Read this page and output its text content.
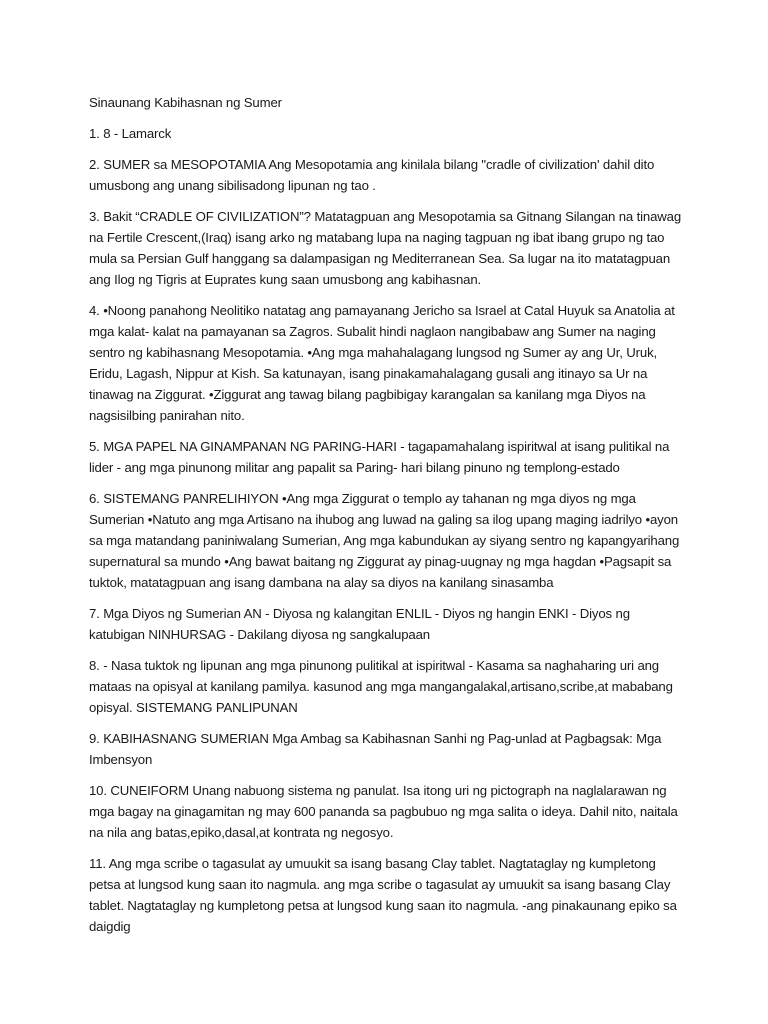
Sinaunang Kabihasnan ng Sumer
1. 8 - Lamarck
2. SUMER sa MESOPOTAMIA Ang Mesopotamia ang kinilala bilang "cradle of civilization' dahil dito umusbong ang unang sibilisadong lipunan ng tao .
3. Bakit “CRADLE OF CIVILIZATION”? Matatagpuan ang Mesopotamia sa Gitnang Silangan na tinawag na Fertile Crescent,(Iraq) isang arko ng matabang lupa na naging tagpuan ng ibat ibang grupo ng tao mula sa Persian Gulf hanggang sa dalampasigan ng Mediterranean Sea. Sa lugar na ito matatagpuan ang Ilog ng Tigris at Euprates kung saan umusbong ang kabihasnan.
4. •Noong panahong Neolitiko natatag ang pamayanang Jericho sa Israel at Catal Huyuk sa Anatolia at mga kalat- kalat na pamayanan sa Zagros. Subalit hindi naglaon nangibabaw ang Sumer na naging sentro ng kabihasnang Mesopotamia. •Ang mga mahahalagang lungsod ng Sumer ay ang Ur, Uruk, Eridu, Lagash, Nippur at Kish. Sa katunayan, isang pinakamahalagang gusali ang itinayo sa Ur na tinawag na Ziggurat. •Ziggurat ang tawag bilang pagbibigay karangalan sa kanilang mga Diyos na nagsisilbing panirahan nito.
5. MGA PAPEL NA GINAMPANAN NG PARING-HARI - tagapamahalang ispiritwal at isang pulitikal na lider - ang mga pinunong militar ang papalit sa Paring- hari bilang pinuno ng templong-estado
6. SISTEMANG PANRELIHIYON •Ang mga Ziggurat o templo ay tahanan ng mga diyos ng mga Sumerian •Natuto ang mga Artisano na ihubog ang luwad na galing sa ilog upang maging iadrilyo •ayon sa mga matandang paniniwalang Sumerian, Ang mga kabundukan ay siyang sentro ng kapangyarihang supernatural sa mundo •Ang bawat baitang ng Ziggurat ay pinag-uugnay ng mga hagdan •Pagsapit sa tuktok, matatagpuan ang isang dambana na alay sa diyos na kanilang sinasamba
7. Mga Diyos ng Sumerian AN - Diyosa ng kalangitan ENLIL - Diyos ng hangin ENKI - Diyos ng katubigan NINHURSAG - Dakilang diyosa ng sangkalupaan
8. - Nasa tuktok ng lipunan ang mga pinunong pulitikal at ispiritwal - Kasama sa naghaharing uri ang mataas na opisyal at kanilang pamilya. kasunod ang mga mangangalakal,artisano,scribe,at mababang opisyal. SISTEMANG PANLIPUNAN
9. KABIHASNANG SUMERIAN Mga Ambag sa Kabihasnan Sanhi ng Pag-unlad at Pagbagsak: Mga Imbensyon
10. CUNEIFORM Unang nabuong sistema ng panulat. Isa itong uri ng pictograph na naglalarawan ng mga bagay na ginagamitan ng may 600 pananda sa pagbubuo ng mga salita o ideya. Dahil nito, naitala na nila ang batas,epiko,dasal,at kontrata ng negosyo.
11. Ang mga scribe o tagasulat ay umuukit sa isang basang Clay tablet. Nagtataglay ng kumpletong petsa at lungsod kung saan ito nagmula. ang mga scribe o tagasulat ay umuukit sa isang basang Clay tablet. Nagtataglay ng kumpletong petsa at lungsod kung saan ito nagmula. -ang pinakaunang epiko sa daigdig
